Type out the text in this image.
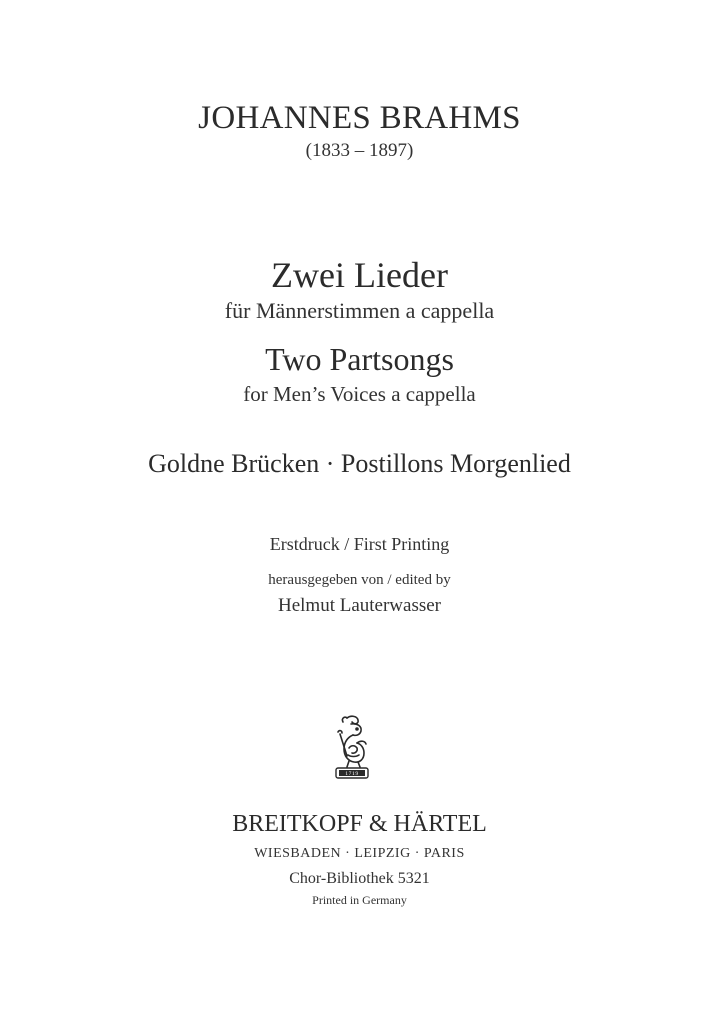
JOHANNES BRAHMS
(1833 – 1897)
Zwei Lieder
für Männerstimmen a cappella
Two Partsongs
for Men’s Voices a cappella
Goldne Brücken · Postillons Morgenlied
Erstdruck / First Printing
herausgegeben von / edited by
Helmut Lauterwasser
1719
BREITKOPF & HÄRTEL
WIESBADEN · LEIPZIG · PARIS
Chor-Bibliothek 5321
Printed in Germany
